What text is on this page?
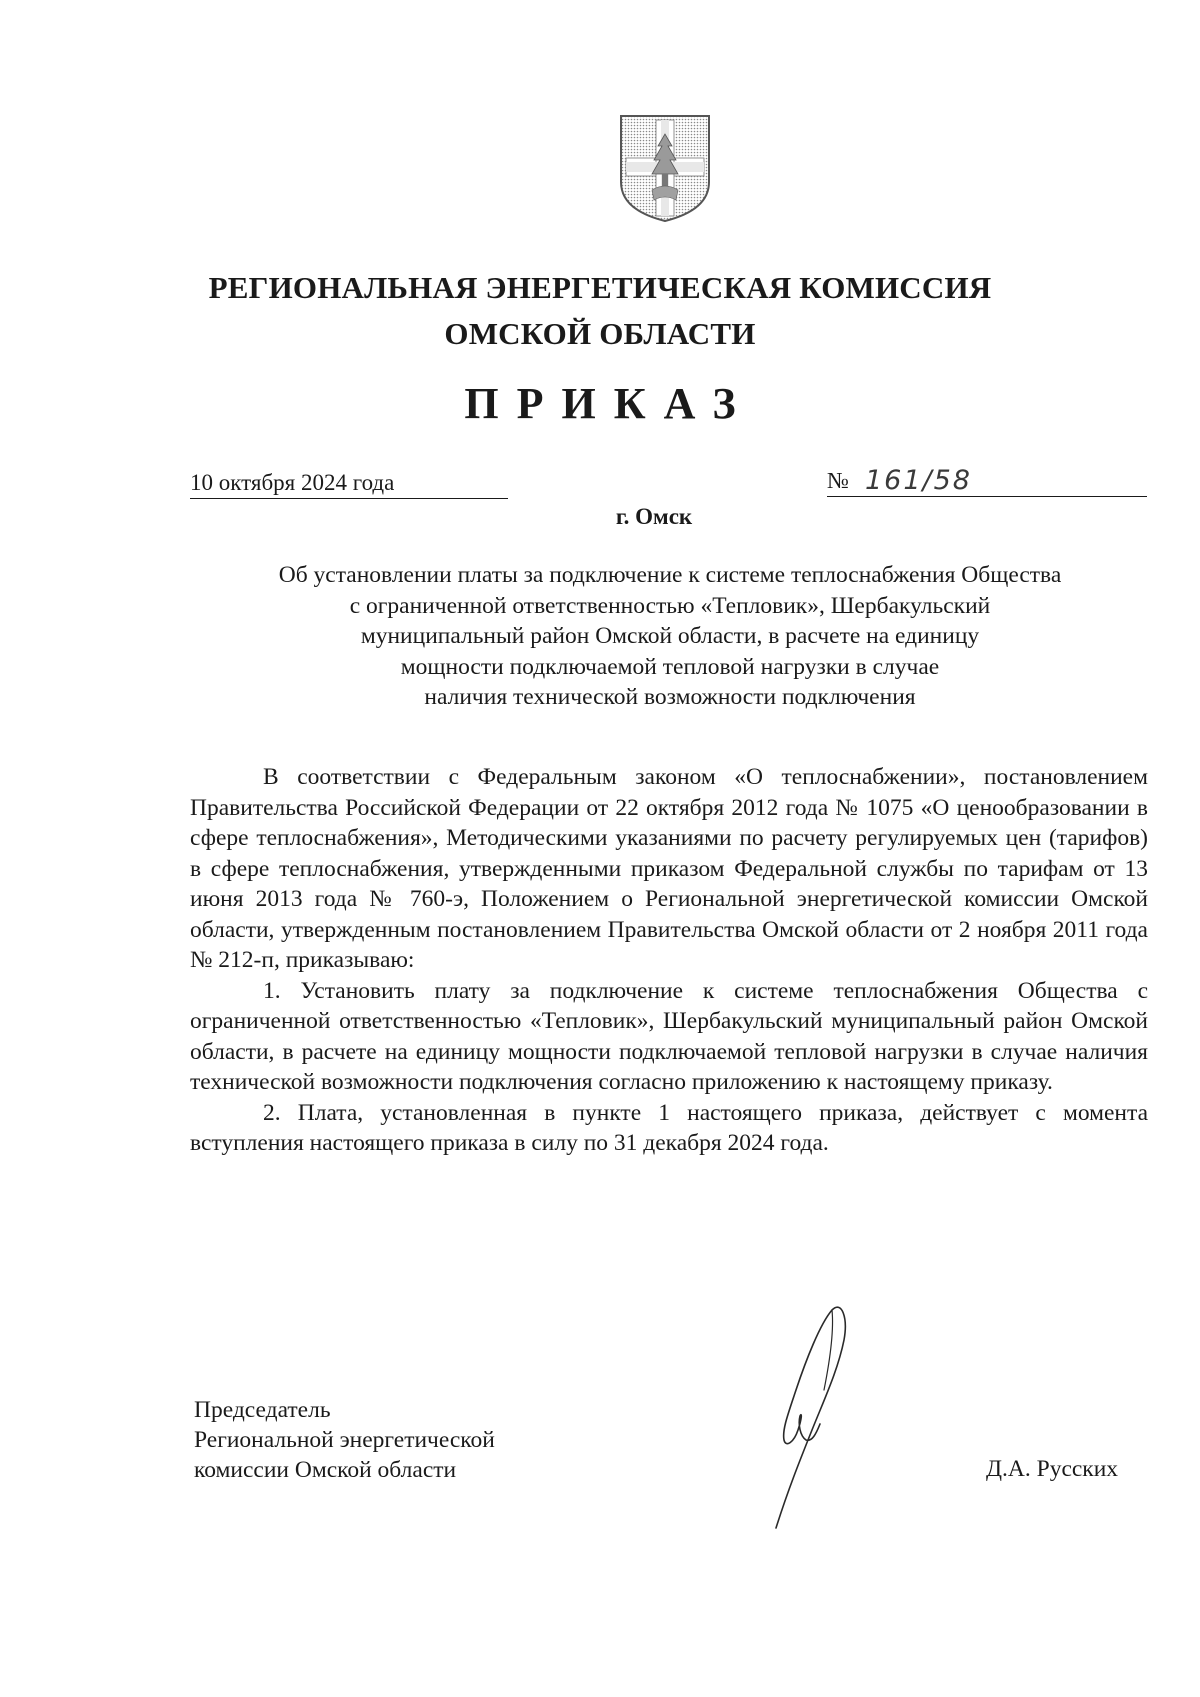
РЕГИОНАЛЬНАЯ ЭНЕРГЕТИЧЕСКАЯ КОМИССИЯ
ОМСКОЙ ОБЛАСТИ
ПРИКАЗ
10 октября 2024 года	№ 161/58
г. Омск
Об установлении платы за подключение к системе теплоснабжения Общества
с ограниченной ответственностью «Тепловик», Шербакульский
муниципальный район Омской области, в расчете на единицу
мощности подключаемой тепловой нагрузки в случае
наличия технической возможности подключения

В соответствии с Федеральным законом «О теплоснабжении», постановлением Правительства Российской Федерации от 22 октября 2012 года № 1075 «О ценообразовании в сфере теплоснабжения», Методическими указаниями по расчету регулируемых цен (тарифов) в сфере теплоснабжения, утвержденными приказом Федеральной службы по тарифам от 13 июня 2013 года № 760-э, Положением о Региональной энергетической комиссии Омской области, утвержденным постановлением Правительства Омской области от 2 ноября 2011 года № 212-п, приказываю:

1. Установить плату за подключение к системе теплоснабжения Общества с ограниченной ответственностью «Тепловик», Шербакульский муниципальный район Омской области, в расчете на единицу мощности подключаемой тепловой нагрузки в случае наличия технической возможности подключения согласно приложению к настоящему приказу.

2. Плата, установленная в пункте 1 настоящего приказа, действует с момента вступления настоящего приказа в силу по 31 декабря 2024 года.

Председатель
Региональной энергетической
комиссии Омской области	Д.А. Русских
